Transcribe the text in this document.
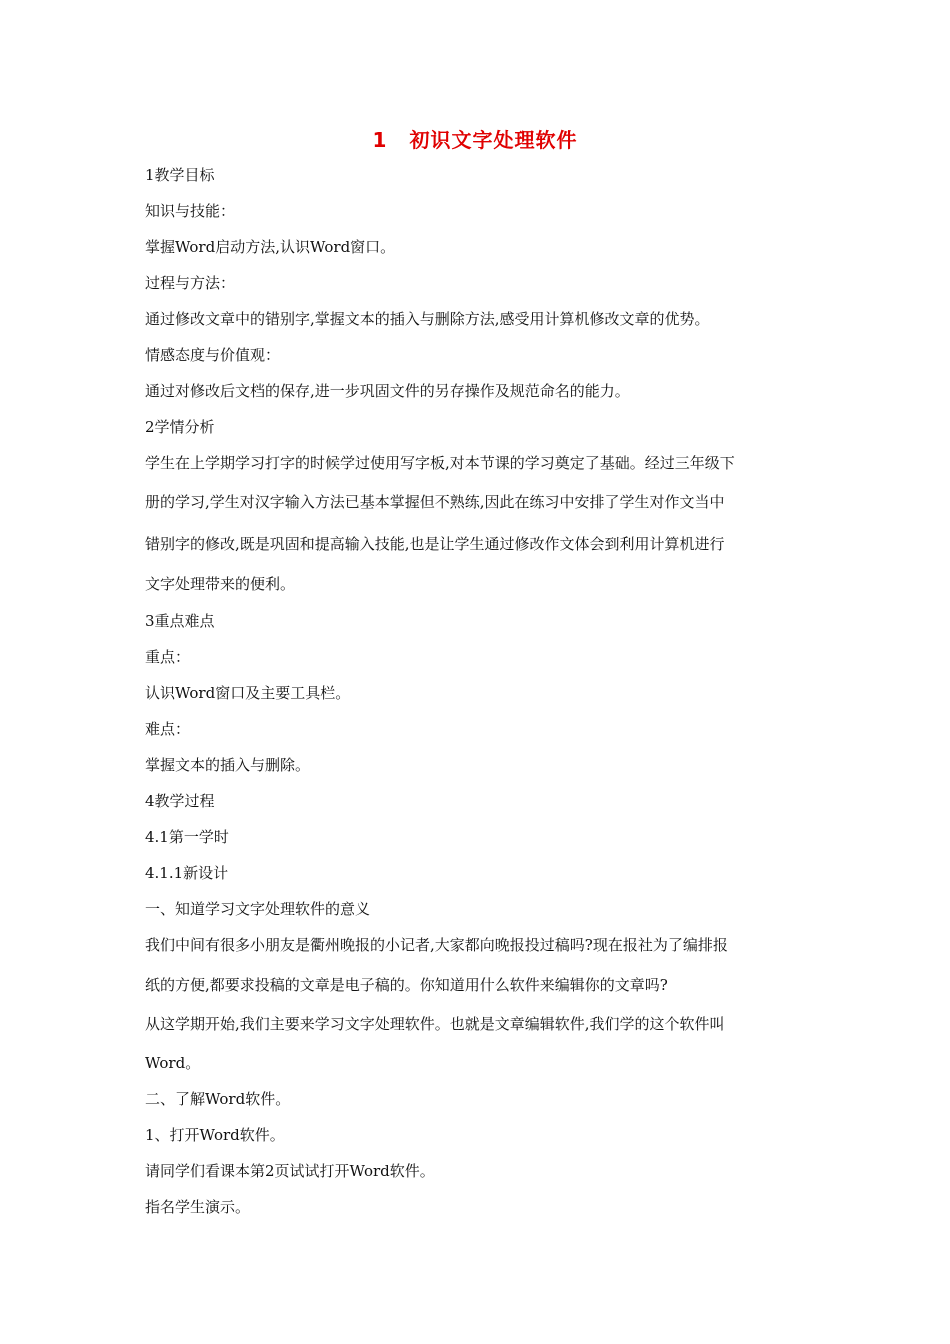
1 初识文字处理软件
1教学目标
知识与技能：
掌握Word启动方法,认识Word窗口。
过程与方法：
通过修改文章中的错别字,掌握文本的插入与删除方法,感受用计算机修改文章的优势。
情感态度与价值观：
通过对修改后文档的保存,进一步巩固文件的另存操作及规范命名的能力。
2学情分析
学生在上学期学习打字的时候学过使用写字板,对本节课的学习奠定了基础。经过三年级下
册的学习,学生对汉字输入方法已基本掌握但不熟练,因此在练习中安排了学生对作文当中
错别字的修改,既是巩固和提高输入技能,也是让学生通过修改作文体会到利用计算机进行
文字处理带来的便利。
3重点难点
重点：
认识Word窗口及主要工具栏。
难点：
掌握文本的插入与删除。
4教学过程
4.1第一学时
4.1.1新设计
一、知道学习文字处理软件的意义
我们中间有很多小朋友是衢州晚报的小记者,大家都向晚报投过稿吗?现在报社为了编排报
纸的方便,都要求投稿的文章是电子稿的。你知道用什么软件来编辑你的文章吗?
从这学期开始,我们主要来学习文字处理软件。也就是文章编辑软件,我们学的这个软件叫
Word。
二、了解Word软件。
1、打开Word软件。
请同学们看课本第2页试试打开Word软件。
指名学生演示。
